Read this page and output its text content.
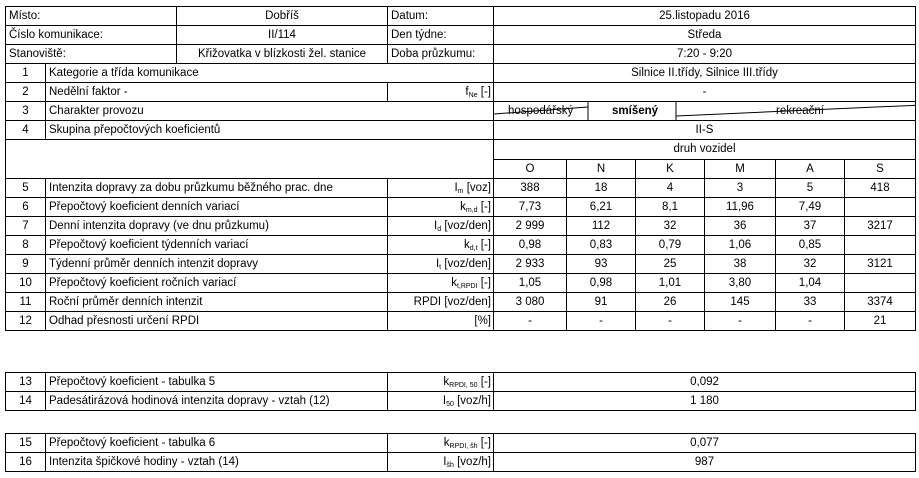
Místo:		Dobříš	Datum:	25.listopadu 2016					
Číslo komunikace:		II/114	Den týdne:	Středa					
Stanoviště:		Křižovatka v blízkosti žel. stanice	Doba průzkumu:	7:20 - 9:20					
1	Kategorie a třída komunikace			Silnice II.třídy, Silnice III.třídy					
2	Nedělní faktor -		$f_{Ne}$ [-]	-					
3	Charakter provozu			hospodářský smíšený rekreační					

4	Skupina přepočtových koeficientů			II-S					
				druh vozidel					
				O	N	K	M	A	S
5	Intenzita dopravy za dobu průzkumu běžného prac. dne		$I_m$ [voz]	388	18	4	3	5	418
6	Přepočtový koeficient denních variací		$k_{m,d}$ [-]	7,73	6,21	8,1	11,96	7,49	
7	Denní intenzita dopravy (ve dnu průzkumu)		$I_d$ [voz/den]	2 999	112	32	36	37	3217
8	Přepočtový koeficient týdenních variací		$k_{d,t}$ [-]	0,98	0,83	0,79	1,06	0,85	
9	Týdenní průměr denních intenzit dopravy		$I_t$ [voz/den]	2 933	93	25	38	32	3121
10	Přepočtový koeficient ročních variací		$k_{t,RPDI}$ [-]	1,05	0,98	1,01	3,80	1,04	
11	Roční průměr denních intenzit		RPDI [voz/den]	3 080	91	26	145	33	3374
12	Odhad přesnosti určení RPDI		[%]	-	-	-	-	-	21
13	Přepočtový koeficient - tabulka 5	$k_{RPDI, 50}$ [-]	0,092
14	Padesátirázová hodinová intenzita dopravy - vztah (12)	$I_{50}$ [voz/h]	1 180
15	Přepočtový koeficient - tabulka 6	$k_{RPDI, šh}$ [-]	0,077
16	Intenzita špičkové hodiny - vztah (14)	$I_{šh}$ [voz/h]	987
